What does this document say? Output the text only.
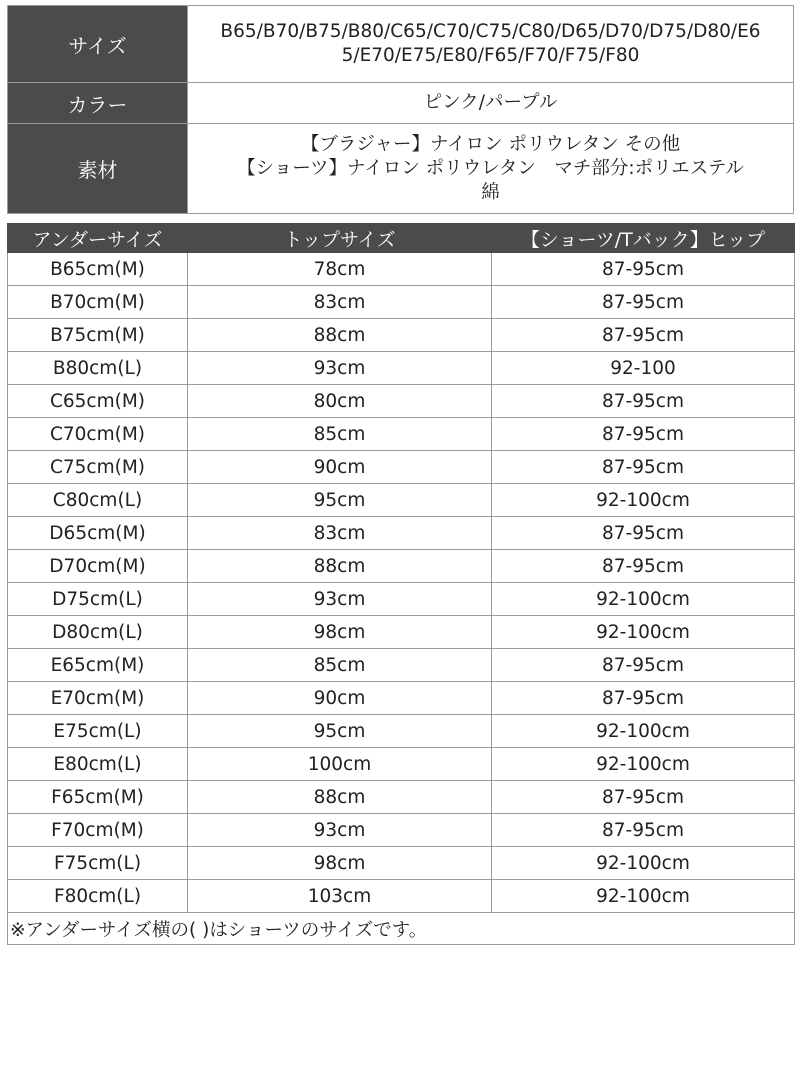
サイズ	B65/B70/B75/B80/C65/C70/C75/C80/D65/D70/D75/D80/E6
5/E70/E75/E80/F65/F70/F75/F80

カラー	ピンク/パープル
素材	【ブラジャー】ナイロン ポリウレタン その他
【ショーツ】ナイロン ポリウレタン　マチ部分:ポリエステル
綿
アンダーサイズ	トップサイズ	【ショーツ/Tバック】ヒップ
B65cm(M)	78cm	87-95cm
B70cm(M)	83cm	87-95cm
B75cm(M)	88cm	87-95cm
B80cm(L)	93cm	92-100
C65cm(M)	80cm	87-95cm
C70cm(M)	85cm	87-95cm
C75cm(M)	90cm	87-95cm
C80cm(L)	95cm	92-100cm
D65cm(M)	83cm	87-95cm
D70cm(M)	88cm	87-95cm
D75cm(L)	93cm	92-100cm
D80cm(L)	98cm	92-100cm
E65cm(M)	85cm	87-95cm
E70cm(M)	90cm	87-95cm
E75cm(L)	95cm	92-100cm
E80cm(L)	100cm	92-100cm
F65cm(M)	88cm	87-95cm
F70cm(M)	93cm	87-95cm
F75cm(L)	98cm	92-100cm
F80cm(L)	103cm	92-100cm
※アンダーサイズ横の( )はショーツのサイズです。		
